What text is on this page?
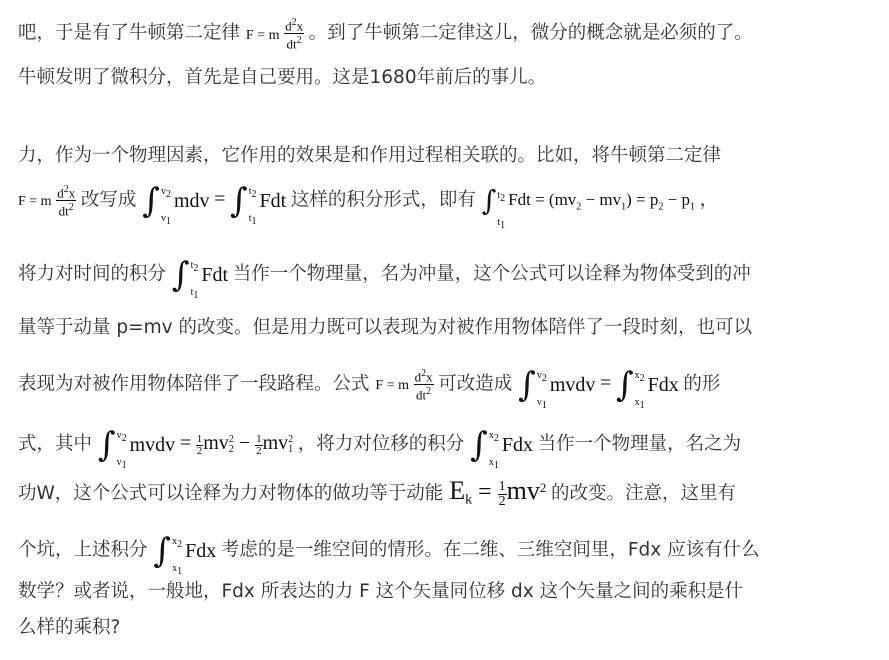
吧，于是有了牛顿第二定律 F = m $\frac{d^2x}{dt^2}$ 。到了牛顿第二定律这儿，微分的概念就是必须的了。
牛顿发明了微积分，首先是自己要用。这是1680年前后的事儿。
力，作为一个物理因素，它作用的效果是和作用过程相关联的。比如，将牛顿第二定律
F = m $\frac{d^2x}{dt^2}$ 改写成 ∫ $v_2$
$v_1$
mdv = ∫ $t_2$
$t_1$
Fdt 这样的积分形式，即有 ∫ $t_2$
$t_1$
Fdt = $(mv_2 - mv_1) = p_2 - p_1$ ，
将力对时间的积分 ∫ $t_2$
$t_1$
Fdt 当作一个物理量，名为冲量，这个公式可以诠释为物体受到的冲
量等于动量 p=mv 的改变。但是用力既可以表现为对被作用物体陪伴了一段时刻，也可以
表现为对被作用物体陪伴了一段路程。公式 F = m $\frac{d^2x}{dt^2}$ 可改造成 ∫ $v_2$
$v_1$
mvdv = ∫ $x_2$
$x_1$
Fdx 的形
式，其中 ∫ $v_2$
$v_1$
mvdv = $\frac{1}{2}$ mv 2
$2 - \frac{1}{2}$ mv 2
1 ，将力对位移的积分 ∫ $x_2$
$x_1$
Fdx 当作一个物理量，名之为
功W，这个公式可以诠释为力对物体的做功等于动能 $E_k = \frac{1}{2} mv^2$ 的改变。注意，这里有
个坑，上述积分 ∫ $x_2$
$x_1$
Fdx 考虑的是一维空间的情形。在二维、三维空间里，Fdx 应该有什么
数学？或者说，一般地，Fdx 所表达的力 F 这个矢量同位移 dx 这个矢量之间的乘积是什
么样的乘积?
